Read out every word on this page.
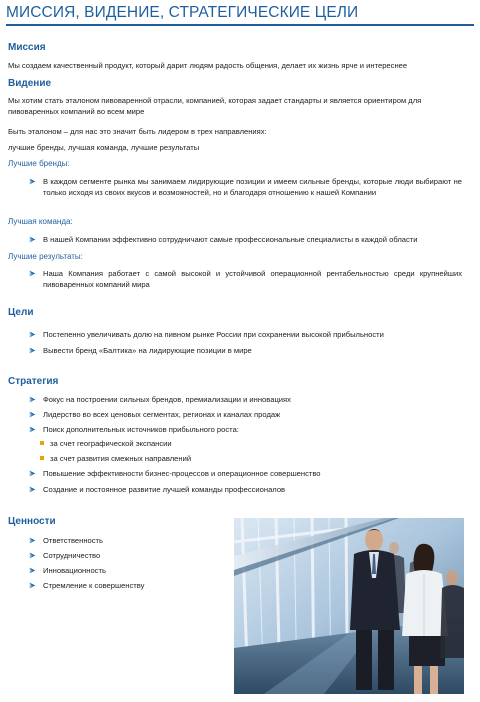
МИССИЯ, ВИДЕНИЕ, СТРАТЕГИЧЕСКИЕ ЦЕЛИ
Миссия
Мы создаем качественный продукт, который дарит людям радость общения, делает их жизнь ярче и интереснее
Видение
Мы хотим стать эталоном пивоваренной отрасли, компанией, которая задает стандарты и является ориентиром для пивоваренных компаний во всем мире
Быть эталоном – для нас это значит быть лидером в трех направлениях:
лучшие бренды, лучшая команда, лучшие результаты
Лучшие бренды:
В каждом сегменте рынка мы занимаем лидирующие позиции и имеем сильные бренды, которые люди выбирают не только исходя из своих вкусов и возможностей, но и благодаря отношению к нашей Компании
Лучшая команда:
В нашей Компании эффективно сотрудничают самые профессиональные специалисты в каждой области
Лучшие результаты:
Наша Компания работает с самой высокой и устойчивой операционной рентабельностью среди крупнейших пивоваренных компаний мира
Цели
Постепенно увеличивать долю на пивном рынке России при сохранении высокой прибыльности
Вывести бренд «Балтика» на лидирующие позиции в мире
Стратегия
Фокус на построении сильных брендов, премиализации и инновациях
Лидерство во всех ценовых сегментах, регионах и каналах продаж
Поиск дополнительных источников прибыльного роста:
за счет географической экспансии
за счет развития смежных направлений
Повышение эффективности бизнес-процессов и операционное совершенство
Создание и постоянное развитие лучшей команды профессионалов
Ценности
Ответственность
Сотрудничество
Инновационность
Стремление к совершенству
